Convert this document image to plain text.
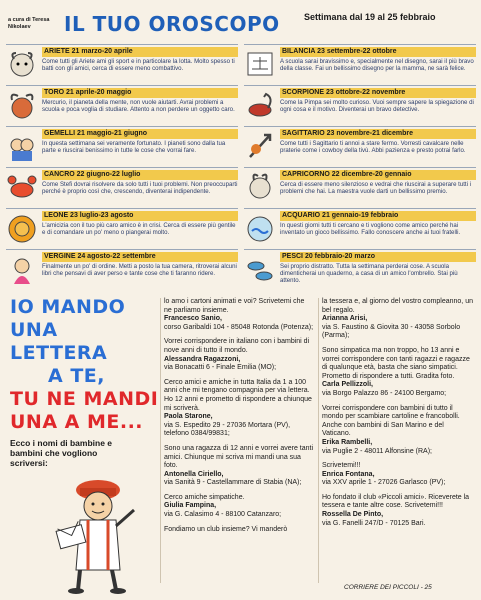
a cura di Teresa Nikolaev	IL TUO OROSCOPO	Settimana dal 19 al 25 febbraio
ARIETE 21 marzo-20 aprile
Come tutti gli Ariete ami gli sport e in particolare la lotta. Molto spesso ti batti con gli amici, cerca di essere meno combattivo.
BILANCIA 23 settembre-22 ottobre
A scuola sarai bravissimo e, specialmente nel disegno, sarai il più bravo della classe. Fai un bellissimo disegno per la mamma, ne sarà felice.
TORO 21 aprile-20 maggio
Mercurio, il pianeta della mente, non vuole aiutarti. Avrai problemi a scuola e poca voglia di studiare. Attento a non perdere un oggetto caro.
SCORPIONE 23 ottobre-22 novembre
Come la Pimpa sei molto curioso. Vuoi sempre sapere la spiegazione di ogni cosa e il motivo. Diventerai un bravo detective.
GEMELLI 21 maggio-21 giugno
In questa settimana sei veramente fortunato. I pianeti sono dalla tua parte e riuscirai benissimo in tutte le cose che vorrai fare.
SAGITTARIO 23 novembre-21 dicembre
Come tutti i Sagittario ti annoi a stare fermo. Vorresti cavalcare nelle praterie come i cowboy della tivù. Abbi pazienza e presto potrai farlo.
CANCRO 22 giugno-22 luglio
Come Stefi dovrai risolvere da solo tutti i tuoi problemi. Non preoccuparti perché è proprio così che, crescendo, diventerai indipendente.
CAPRICORNO 22 dicembre-20 gennaio
Cerca di essere meno silenzioso e vedrai che riuscirai a superare tutti i problemi che hai. La maestra vuole darti un bellissimo premio.
LEONE 23 luglio-23 agosto
L'amicizia con il tuo più caro amico è in crisi. Cerca di essere più gentile e di comandare un po' meno o piangerai molto.
ACQUARIO 21 gennaio-19 febbraio
In questi giorni tutti ti cercano e ti vogliono come amico perché hai inventato un gioco bellissimo. Fallo conoscere anche ai tuoi fratelli.
VERGINE 24 agosto-22 settembre
Finalmente un po' di ordine. Metti a posto la tua camera, ritroverai alcuni libri che pensavi di aver perso e tante cose che ti faranno ridere.
PESCI 20 febbraio-20 marzo
Sei proprio distratto. Tutta la settimana perderai cose. A scuola dimenticherai un quaderno, a casa di un amico l'ombrello. Stai più attento.
IO MANDO
UNA LETTERA
A TE,
TU NE MANDI
UNA A ME...
Ecco i nomi di bambine e bambini che vogliono scriversi:

lo amo i cartoni animati e voi? Scrivetemi che ne parliamo insieme.
Francesco Sanio,
corso Garibaldi 104 - 85048 Rotonda (Potenza);

Vorrei corrispondere in italiano con i bambini di nove anni di tutto il mondo.
Alessandra Ragazzoni,
via Bonacatti 6 - Finale Emilia (MO);

Cerco amici e amiche in tutta Italia da 1 a 100 anni che mi tengano compagnia per via lettera. Ho 12 anni e prometto di rispondere a chiunque mi scriverà.
Paola Starone,
via S. Espedito 29 - 27036 Mortara (PV), telefono 0384/99831;

Sono una ragazza di 12 anni e vorrei avere tanti amici. Chiunque mi scriva mi mandi una sua foto.
Antonella Ciriello,
via Sanità 9 - Castellammare di Stabia (NA);

Cerco amiche simpatiche.
Giulia Fampina,
via G. Calasimo 4 - 88100 Catanzaro;

Fondiamo un club insieme? Vi manderò

la tessera e, al giorno del vostro compleanno, un bel regalo.
Arianna Arisi,
via S. Faustino & Giovita 30 - 43058 Sorbolo (Parma);

Sono simpatica ma non troppo, ho 13 anni e vorrei corrispondere con tanti ragazzi e ragazze di qualunque età, basta che siano simpatici. Prometto di rispondere a tutti. Gradita foto.
Carla Pellizzoli,
via Borgo Palazzo 86 - 24100 Bergamo;

Vorrei corrispondere con bambini di tutto il mondo per scambiare cartoline e francobolli. Anche con bambini di San Marino e del Vaticano.
Erika Rambelli,
via Puglie 2 - 48011 Alfonsine (RA);

Scrivetemi!!!
Enrica Fontana,
via XXV aprile 1 - 27026 Garlasco (PV);

Ho fondato il club «Piccoli amici». Riceverete la tessera e tante altre cose. Scrivetemi!!!
Rossella De Pinto,
via G. Fanelli 247/D - 70125 Bari.

CORRIERE DEI PICCOLI - 25
